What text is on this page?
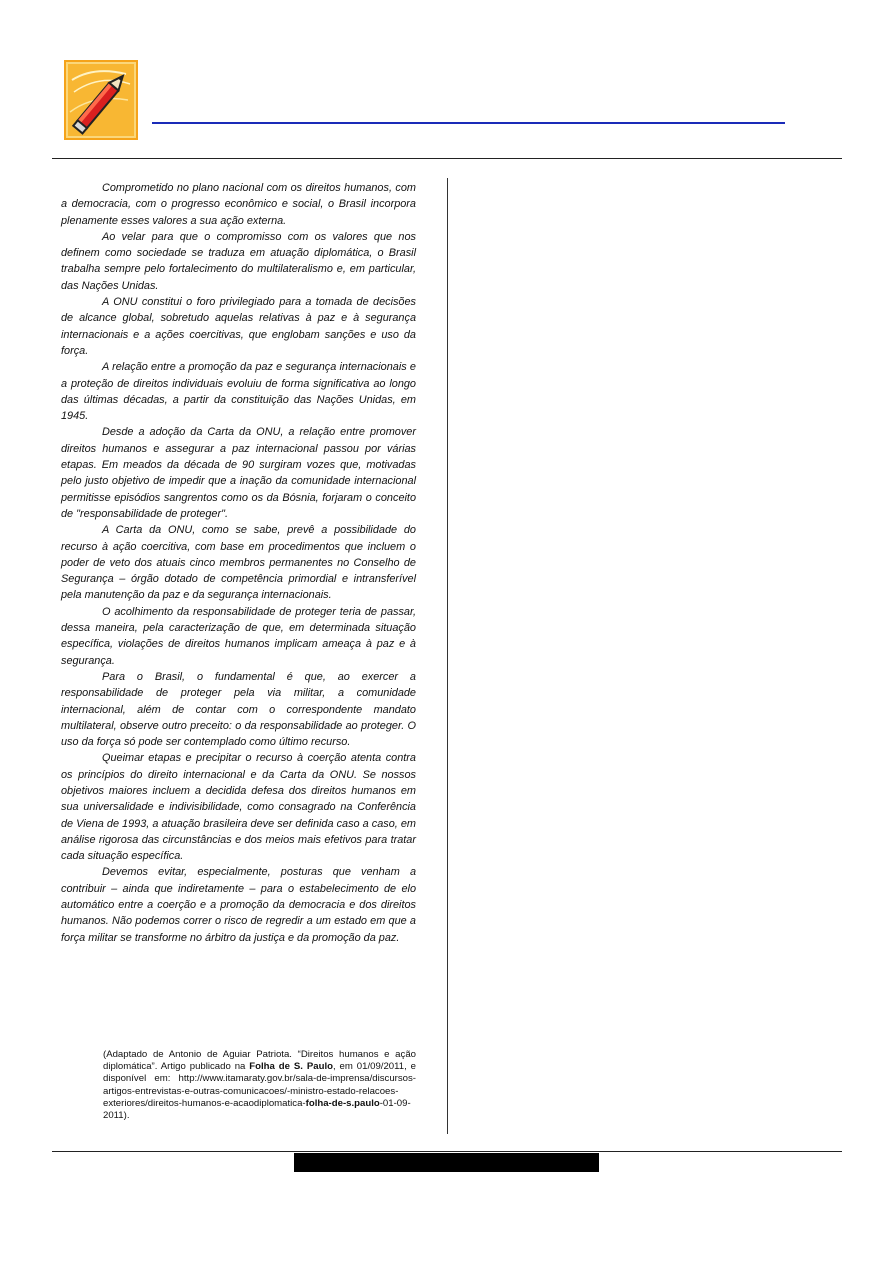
Comprometido no plano nacional com os direitos humanos, com a democracia, com o progresso econômico e social, o Brasil incorpora plenamente esses valores a sua ação externa.

Ao velar para que o compromisso com os valores que nos definem como sociedade se traduza em atuação diplomática, o Brasil trabalha sempre pelo fortalecimento do multilateralismo e, em particular, das Nações Unidas.

A ONU constitui o foro privilegiado para a tomada de decisões de alcance global, sobretudo aquelas relativas à paz e à segurança internacionais e a ações coercitivas, que englobam sanções e uso da força.

A relação entre a promoção da paz e segurança internacionais e a proteção de direitos individuais evoluiu de forma significativa ao longo das últimas décadas, a partir da constituição das Nações Unidas, em 1945.

Desde a adoção da Carta da ONU, a relação entre promover direitos humanos e assegurar a paz internacional passou por várias etapas. Em meados da década de 90 surgiram vozes que, motivadas pelo justo objetivo de impedir que a inação da comunidade internacional permitisse episódios sangrentos como os da Bósnia, forjaram o conceito de "responsabilidade de proteger".

A Carta da ONU, como se sabe, prevê a possibilidade do recurso à ação coercitiva, com base em procedimentos que incluem o poder de veto dos atuais cinco membros permanentes no Conselho de Segurança – órgão dotado de competência primordial e intransferível pela manutenção da paz e da segurança internacionais.

O acolhimento da responsabilidade de proteger teria de passar, dessa maneira, pela caracterização de que, em determinada situação específica, violações de direitos humanos implicam ameaça à paz e à segurança.

Para o Brasil, o fundamental é que, ao exercer a responsabilidade de proteger pela via militar, a comunidade internacional, além de contar com o correspondente mandato multilateral, observe outro preceito: o da responsabilidade ao proteger. O uso da força só pode ser contemplado como último recurso.

Queimar etapas e precipitar o recurso à coerção atenta contra os princípios do direito internacional e da Carta da ONU. Se nossos objetivos maiores incluem a decidida defesa dos direitos humanos em sua universalidade e indivisibilidade, como consagrado na Conferência de Viena de 1993, a atuação brasileira deve ser definida caso a caso, em análise rigorosa das circunstâncias e dos meios mais efetivos para tratar cada situação específica.

Devemos evitar, especialmente, posturas que venham a contribuir – ainda que indiretamente – para o estabelecimento de elo automático entre a coerção e a promoção da democracia e dos direitos humanos. Não podemos correr o risco de regredir a um estado em que a força militar se transforme no árbitro da justiça e da promoção da paz.

(Adaptado de Antonio de Aguiar Patriota. “Direitos humanos e ação diplomática”. Artigo publicado na Folha de S. Paulo, em 01/09/2011, e disponível em: http://www.itamaraty.gov.br/sala-de-imprensa/discursos-artigos-entrevistas-e-outras-comunicacoes/-ministro-estado-relacoes-exteriores/direitos-humanos-e-acaodiplomatica-folha-de-s.paulo-01-09-2011).
